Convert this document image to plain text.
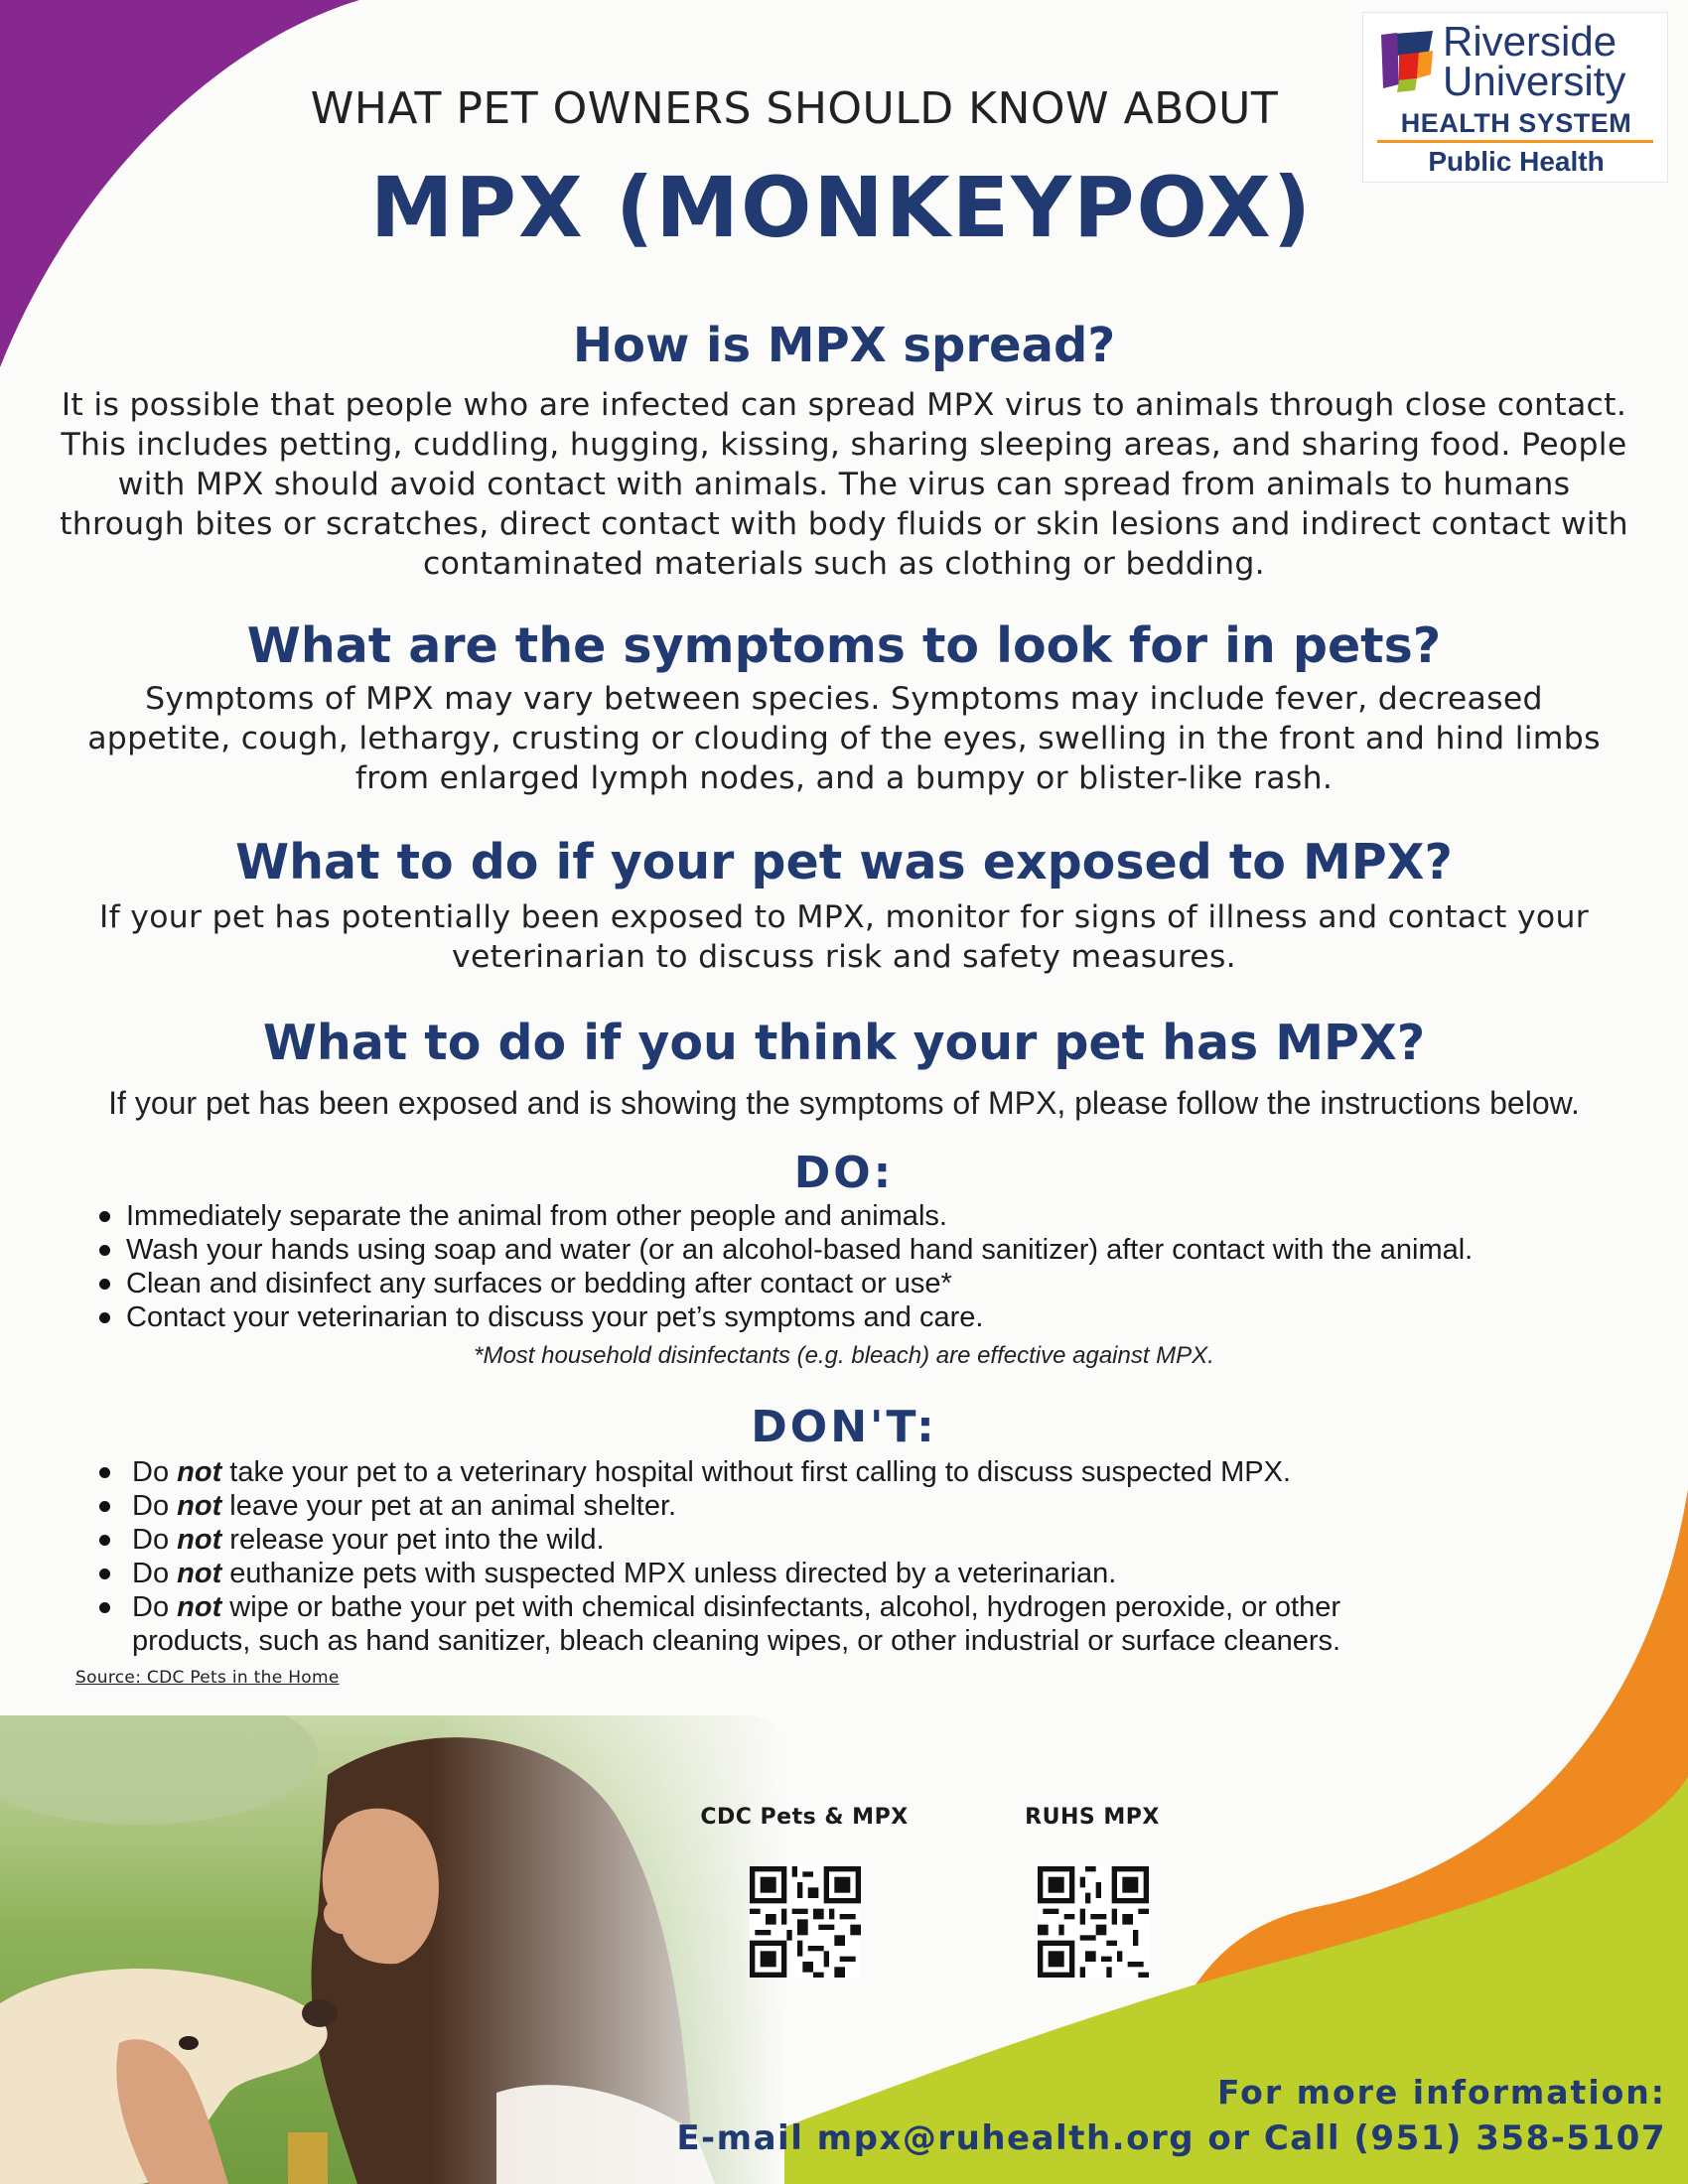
WHAT PET OWNERS SHOULD KNOW ABOUT
MPX (MONKEYPOX)
Riverside
University
HEALTH SYSTEM
Public Health
How is MPX spread?
It is possible that people who are infected can spread MPX virus to animals through close contact.
This includes petting, cuddling, hugging, kissing, sharing sleeping areas, and sharing food. People
with MPX should avoid contact with animals. The virus can spread from animals to humans
through bites or scratches, direct contact with body fluids or skin lesions and indirect contact with
contaminated materials such as clothing or bedding.
What are the symptoms to look for in pets?
Symptoms of MPX may vary between species. Symptoms may include fever, decreased
appetite, cough, lethargy, crusting or clouding of the eyes, swelling in the front and hind limbs
from enlarged lymph nodes, and a bumpy or blister-like rash.
What to do if your pet was exposed to MPX?
If your pet has potentially been exposed to MPX, monitor for signs of illness and contact your
veterinarian to discuss risk and safety measures.
What to do if you think your pet has MPX?
If your pet has been exposed and is showing the symptoms of MPX, please follow the instructions below.
DO:
Immediately separate the animal from other people and animals.
Wash your hands using soap and water (or an alcohol-based hand sanitizer) after contact with the animal.
Clean and disinfect any surfaces or bedding after contact or use*
Contact your veterinarian to discuss your pet’s symptoms and care.
*Most household disinfectants (e.g. bleach) are effective against MPX.
DON'T:
Do not take your pet to a veterinary hospital without first calling to discuss suspected MPX.
Do not leave your pet at an animal shelter.
Do not release your pet into the wild.
Do not euthanize pets with suspected MPX unless directed by a veterinarian.
Do not wipe or bathe your pet with chemical disinfectants, alcohol, hydrogen peroxide, or other
products, such as hand sanitizer, bleach cleaning wipes, or other industrial or surface cleaners.
Source: CDC Pets in the Home
CDC Pets & MPX	RUHS MPX
For more information:
E-mail mpx@ruhealth.org or Call (951) 358-5107
